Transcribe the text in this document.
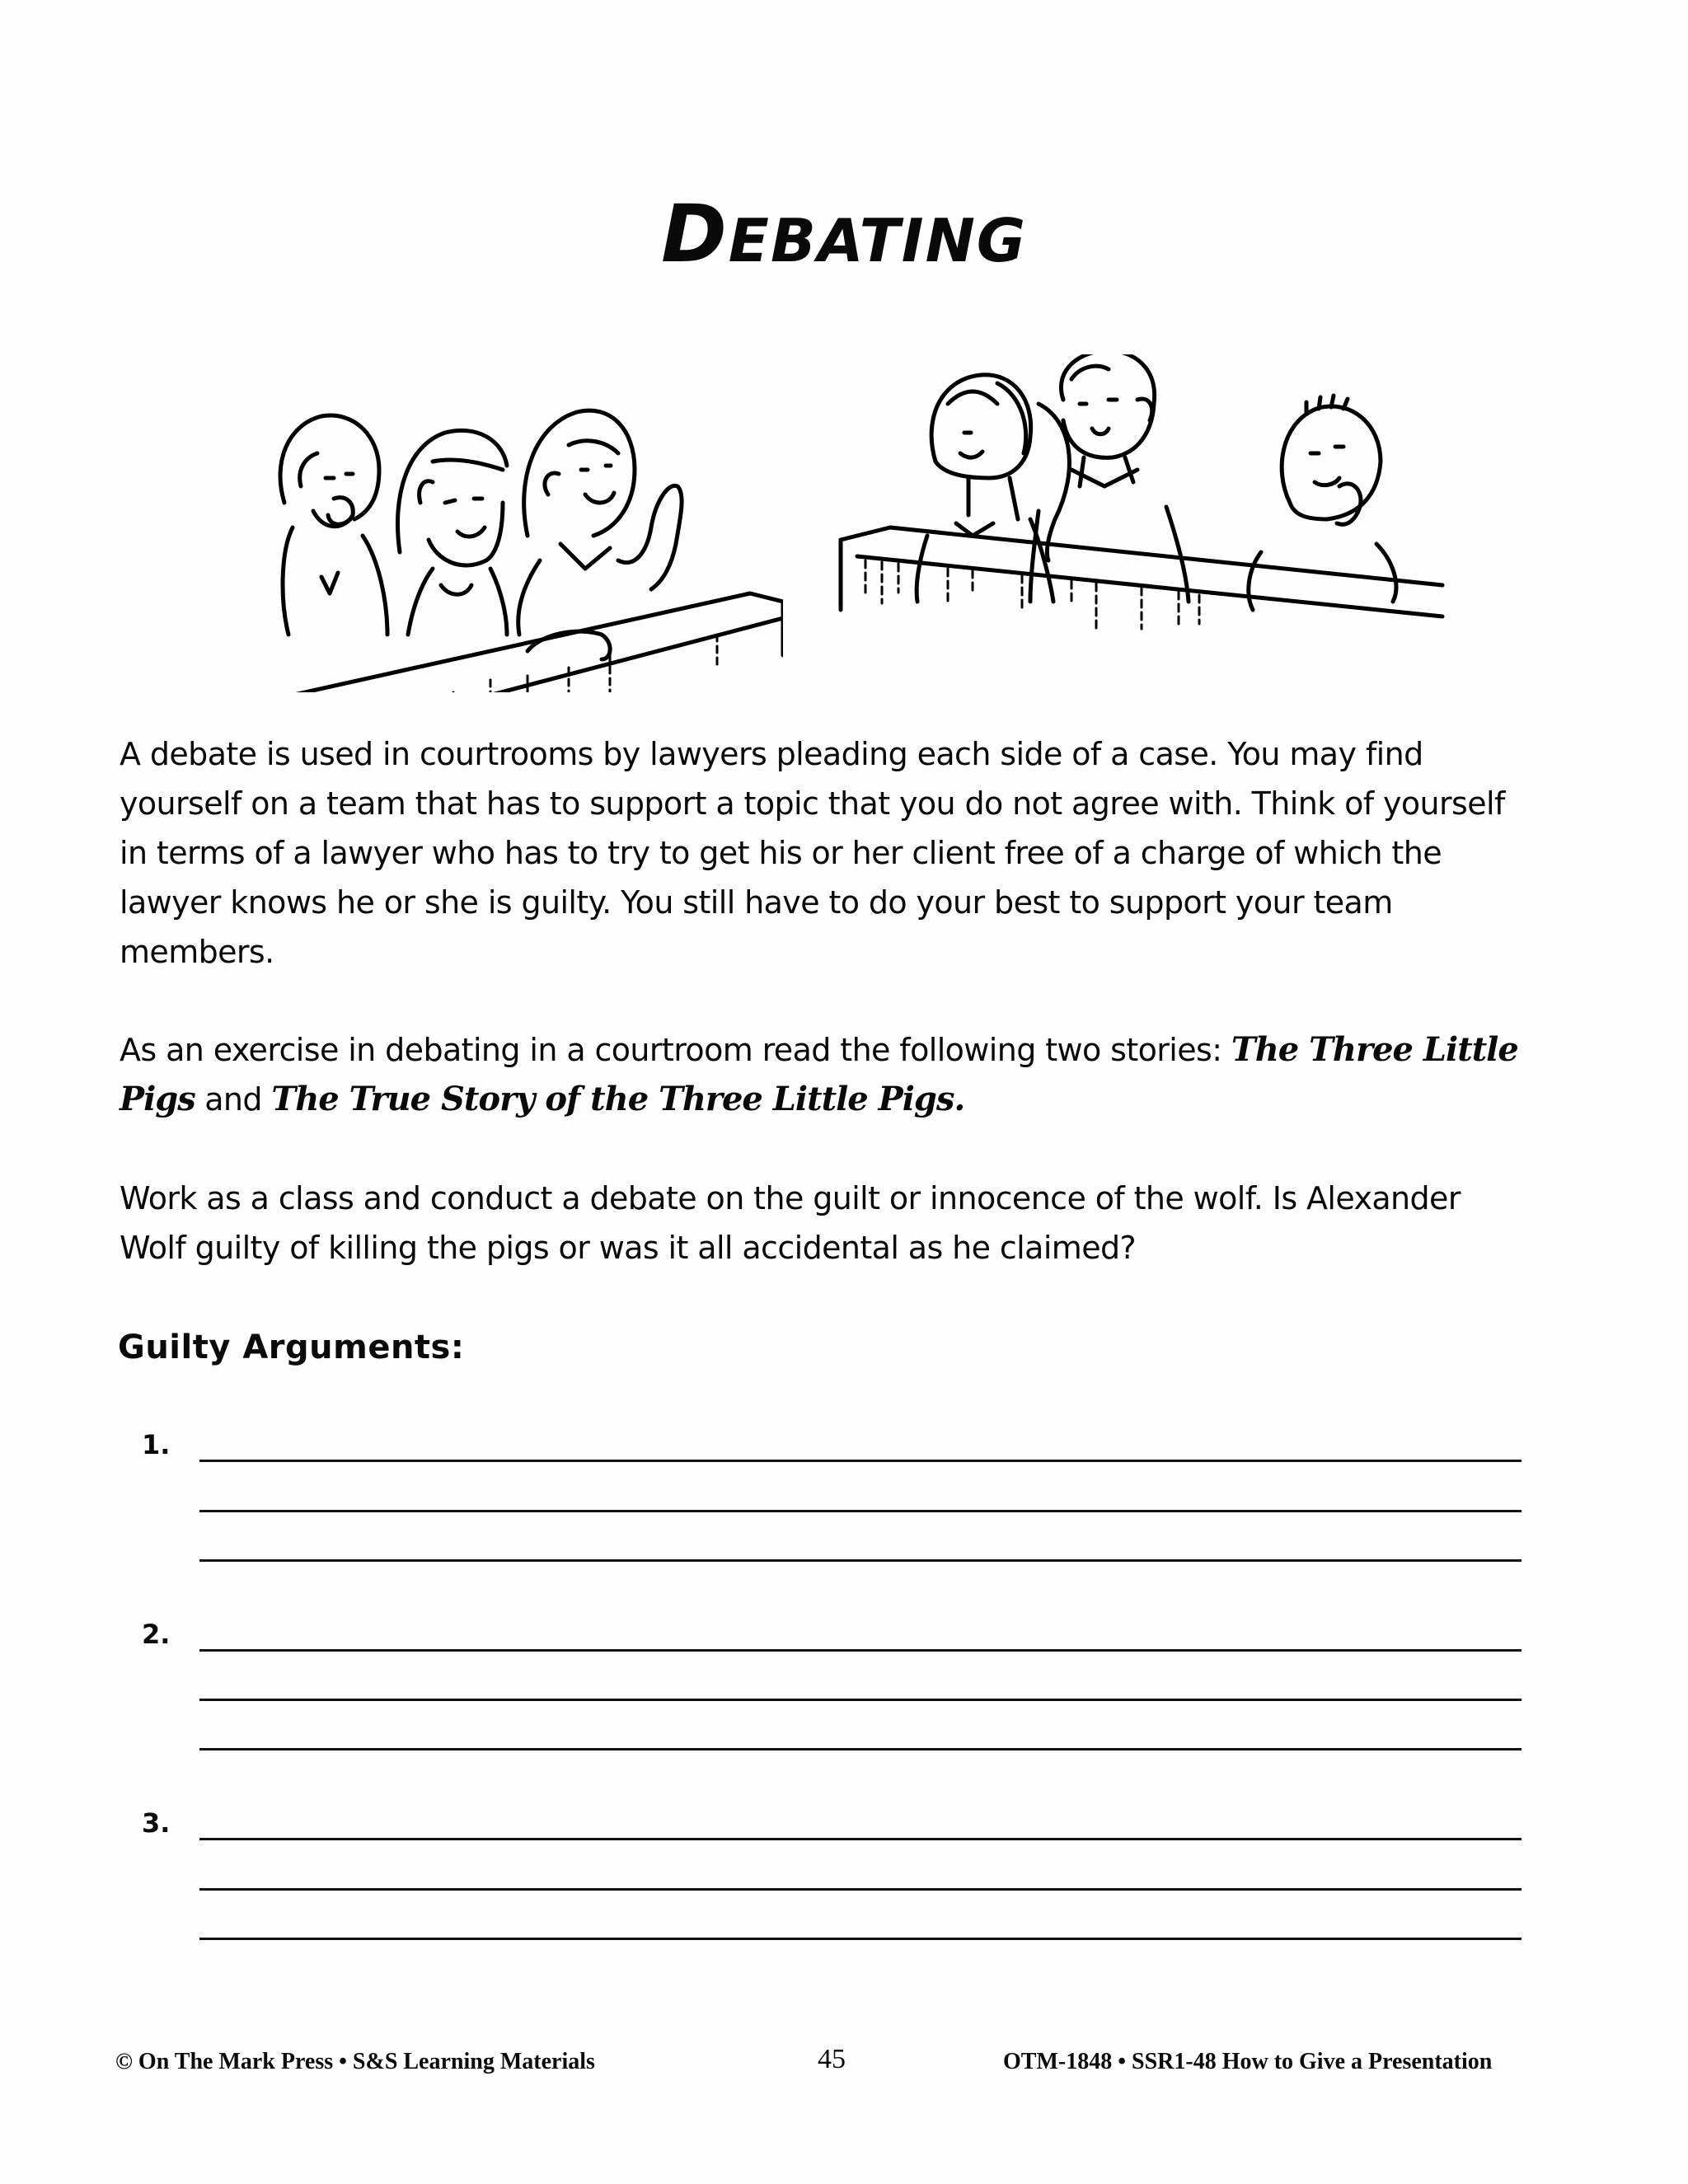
DEBATING
A debate is used in courtrooms by lawyers pleading each side of a case. You may find
yourself on a team that has to support a topic that you do not agree with. Think of yourself
in terms of a lawyer who has to try to get his or her client free of a charge of which the
lawyer knows he or she is guilty. You still have to do your best to support your team
members.
As an exercise in debating in a courtroom read the following two stories: The Three Little
Pigs and The True Story of the Three Little Pigs.
Work as a class and conduct a debate on the guilt or innocence of the wolf. Is Alexander
Wolf guilty of killing the pigs or was it all accidental as he claimed?
Guilty Arguments:
1.
2.
3.
© On The Mark Press • S&S Learning Materials	45	OTM-1848 • SSR1-48 How to Give a Presentation
